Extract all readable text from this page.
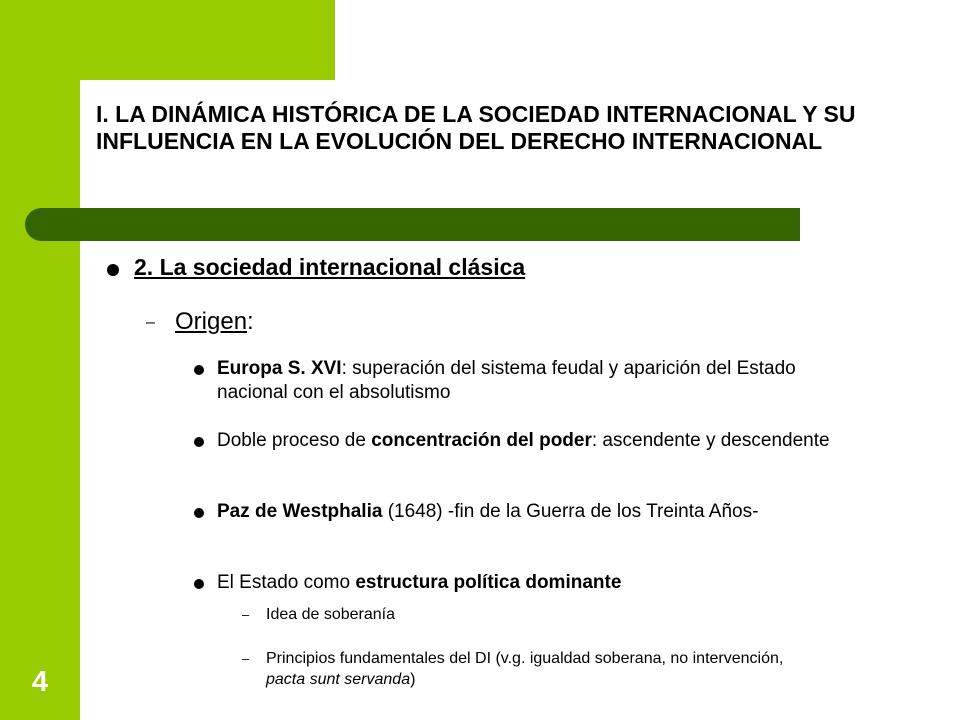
I. LA DINÁMICA HISTÓRICA DE LA SOCIEDAD INTERNACIONAL Y SU INFLUENCIA EN LA EVOLUCIÓN DEL DERECHO INTERNACIONAL
4
2. La sociedad internacional clásica
– Origen:
Europa S. XVI: superación del sistema feudal y aparición del Estado nacional con el absolutismo
Doble proceso de concentración del poder: ascendente y descendente
Paz de Westphalia (1648) -fin de la Guerra de los Treinta Años-
El Estado como estructura política dominante
– Idea de soberanía
– Principios fundamentales del DI (v.g. igualdad soberana, no intervención, pacta sunt servanda)
